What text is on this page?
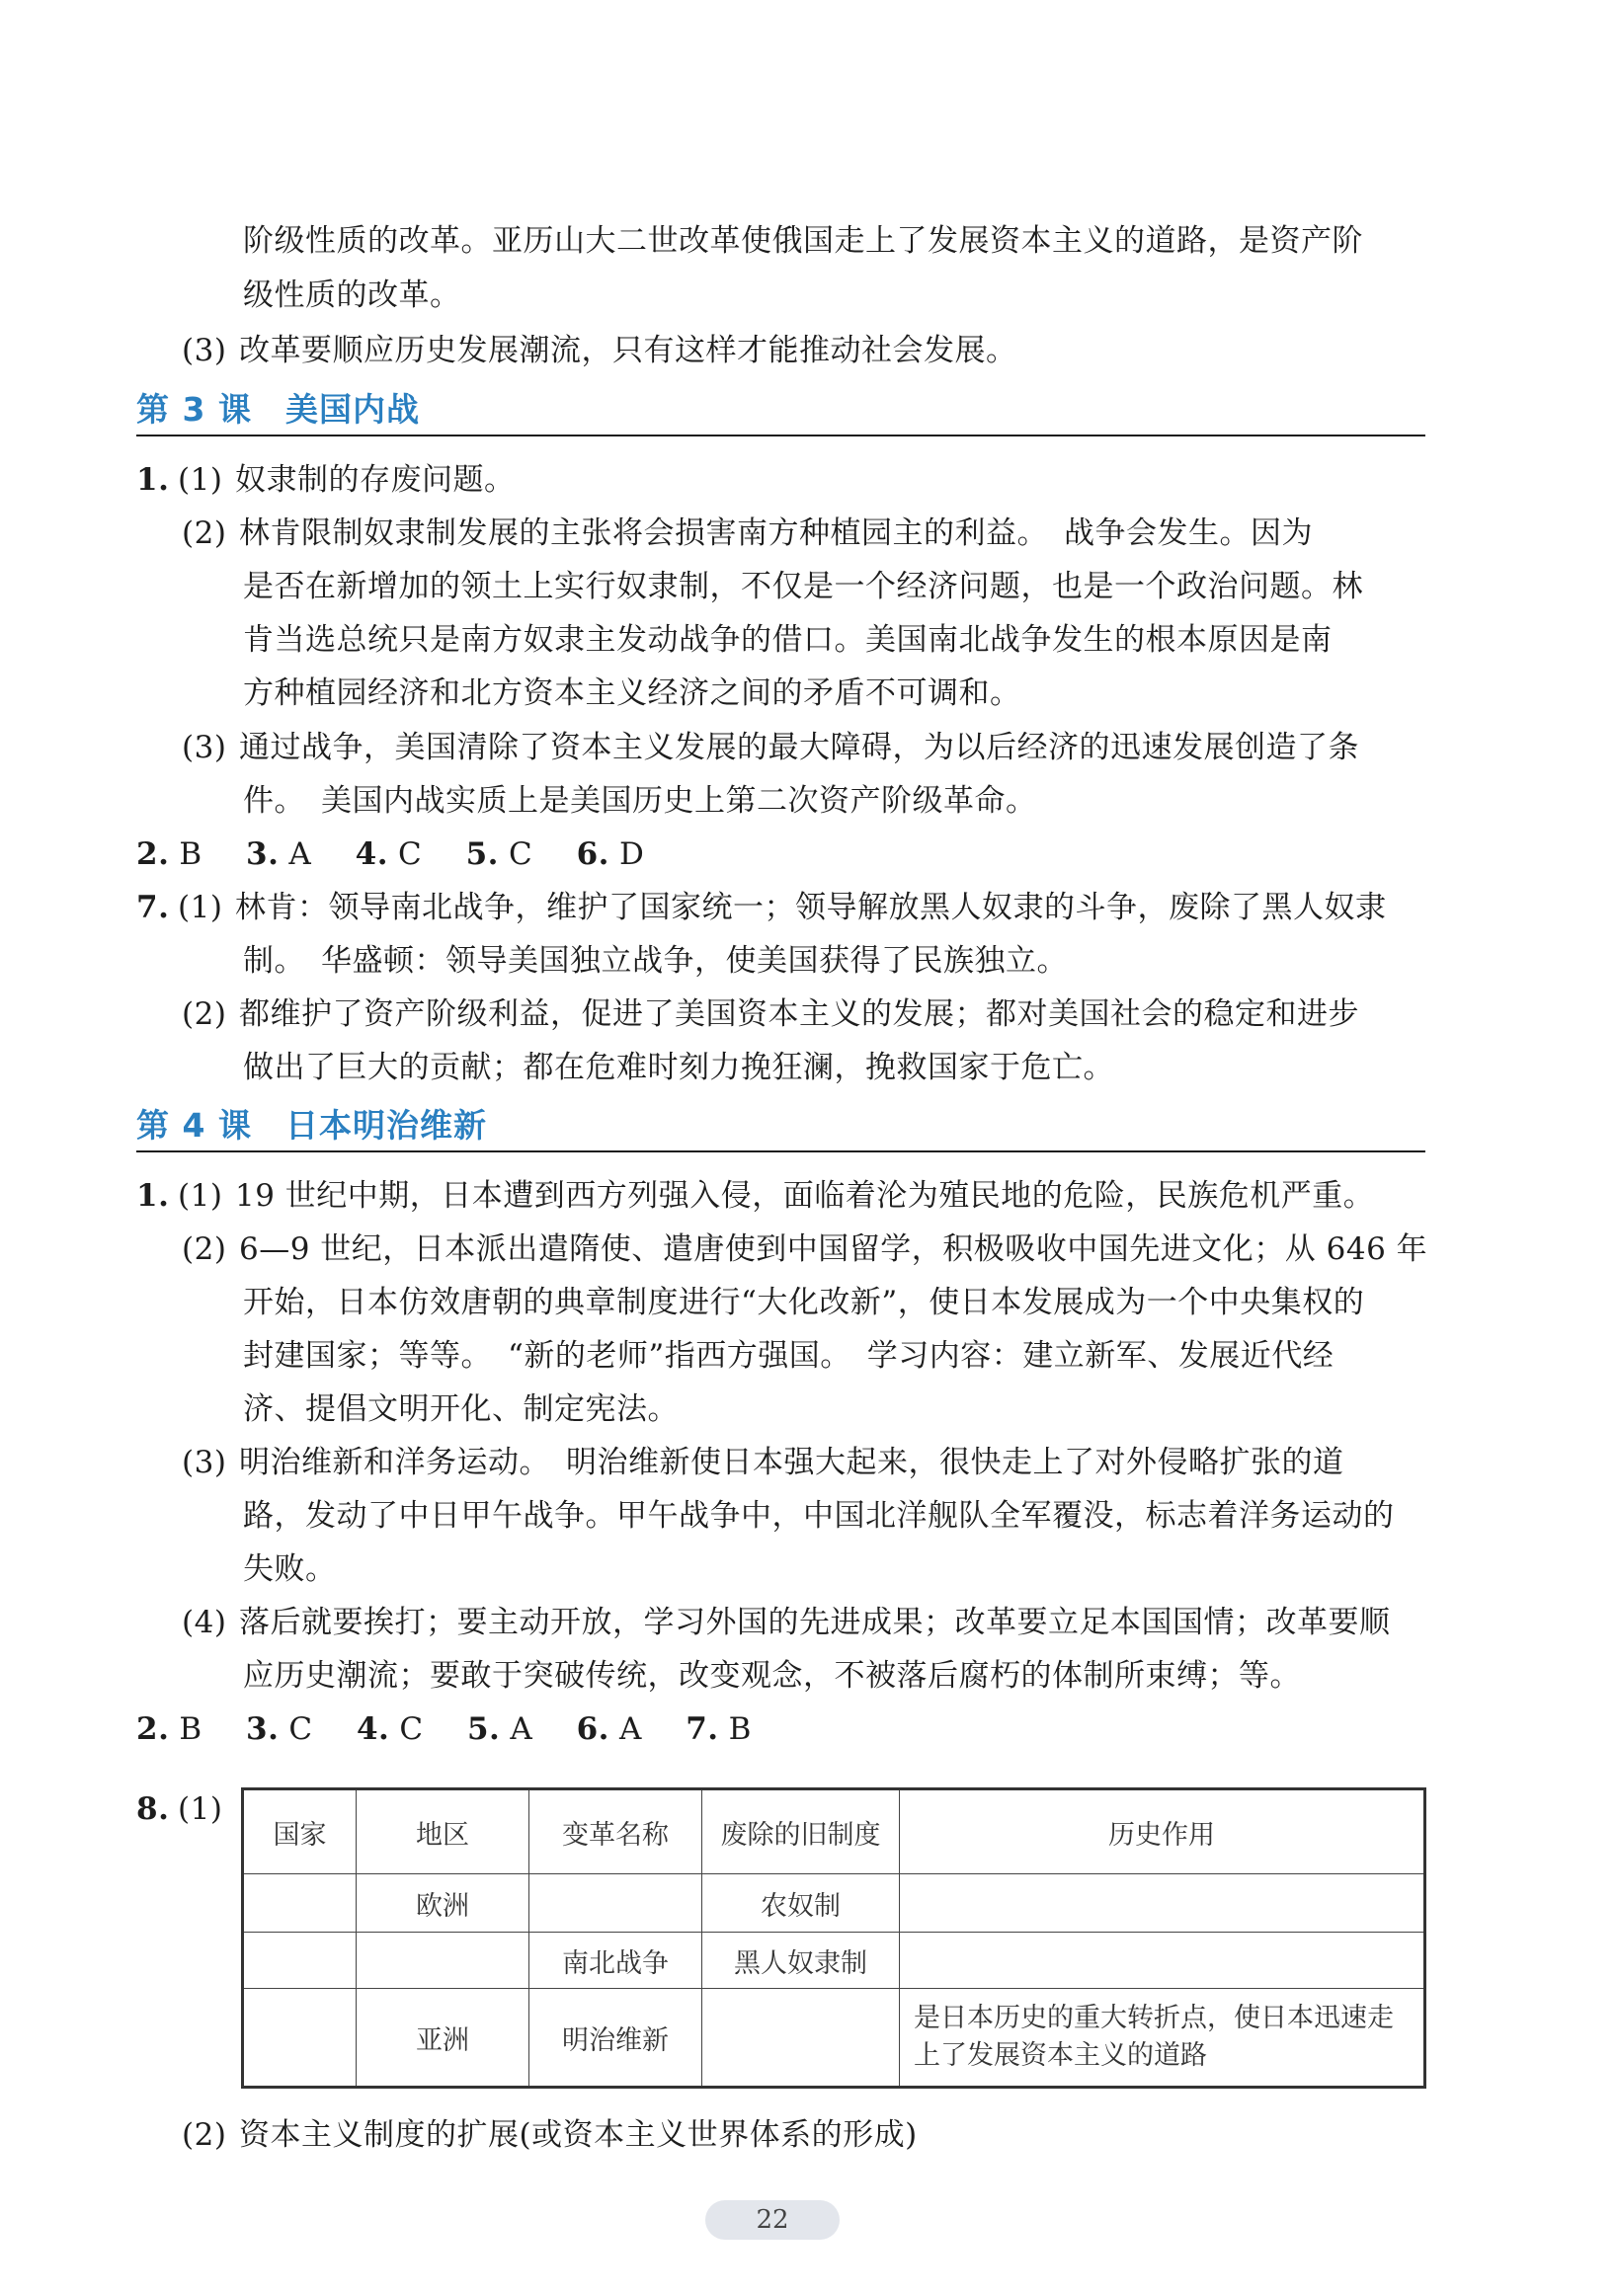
阶级性质的改革。亚历山大二世改革使俄国走上了发展资本主义的道路，是资产阶
级性质的改革。
(3) 改革要顺应历史发展潮流，只有这样才能推动社会发展。
第 3 课　美国内战
1. (1) 奴隶制的存废问题。
(2) 林肯限制奴隶制发展的主张将会损害南方种植园主的利益。　战争会发生。因为
是否在新增加的领土上实行奴隶制，不仅是一个经济问题，也是一个政治问题。林
肯当选总统只是南方奴隶主发动战争的借口。美国南北战争发生的根本原因是南
方种植园经济和北方资本主义经济之间的矛盾不可调和。
(3) 通过战争，美国清除了资本主义发展的最大障碍，为以后经济的迅速发展创造了条
件。　美国内战实质上是美国历史上第二次资产阶级革命。
2. B 3. A 4. C 5. C 6. D
7. (1) 林肯：领导南北战争，维护了国家统一；领导解放黑人奴隶的斗争，废除了黑人奴隶
制。　华盛顿：领导美国独立战争，使美国获得了民族独立。
(2) 都维护了资产阶级利益，促进了美国资本主义的发展；都对美国社会的稳定和进步
做出了巨大的贡献；都在危难时刻力挽狂澜，挽救国家于危亡。
第 4 课　日本明治维新
1. (1) 19 世纪中期，日本遭到西方列强入侵，面临着沦为殖民地的危险，民族危机严重。
(2) 6—9 世纪，日本派出遣隋使、遣唐使到中国留学，积极吸收中国先进文化；从 646 年
开始，日本仿效唐朝的典章制度进行“大化改新”，使日本发展成为一个中央集权的
封建国家；等等。　“新的老师”指西方强国。　学习内容：建立新军、发展近代经
济、提倡文明开化、制定宪法。
(3) 明治维新和洋务运动。　明治维新使日本强大起来，很快走上了对外侵略扩张的道
路，发动了中日甲午战争。甲午战争中，中国北洋舰队全军覆没，标志着洋务运动的
失败。
(4) 落后就要挨打；要主动开放，学习外国的先进成果；改革要立足本国国情；改革要顺
应历史潮流；要敢于突破传统，改变观念，不被落后腐朽的体制所束缚；等。
2. B 3. C 4. C 5. A 6. A 7. B
8. (1)
国家	地区	变革名称	废除的旧制度	历史作用
	欧洲		农奴制	
		南北战争	黑人奴隶制	
	亚洲	明治维新		是日本历史的重大转折点，使日本迅速走上了发展资本主义的道路
(2) 资本主义制度的扩展(或资本主义世界体系的形成)
22
